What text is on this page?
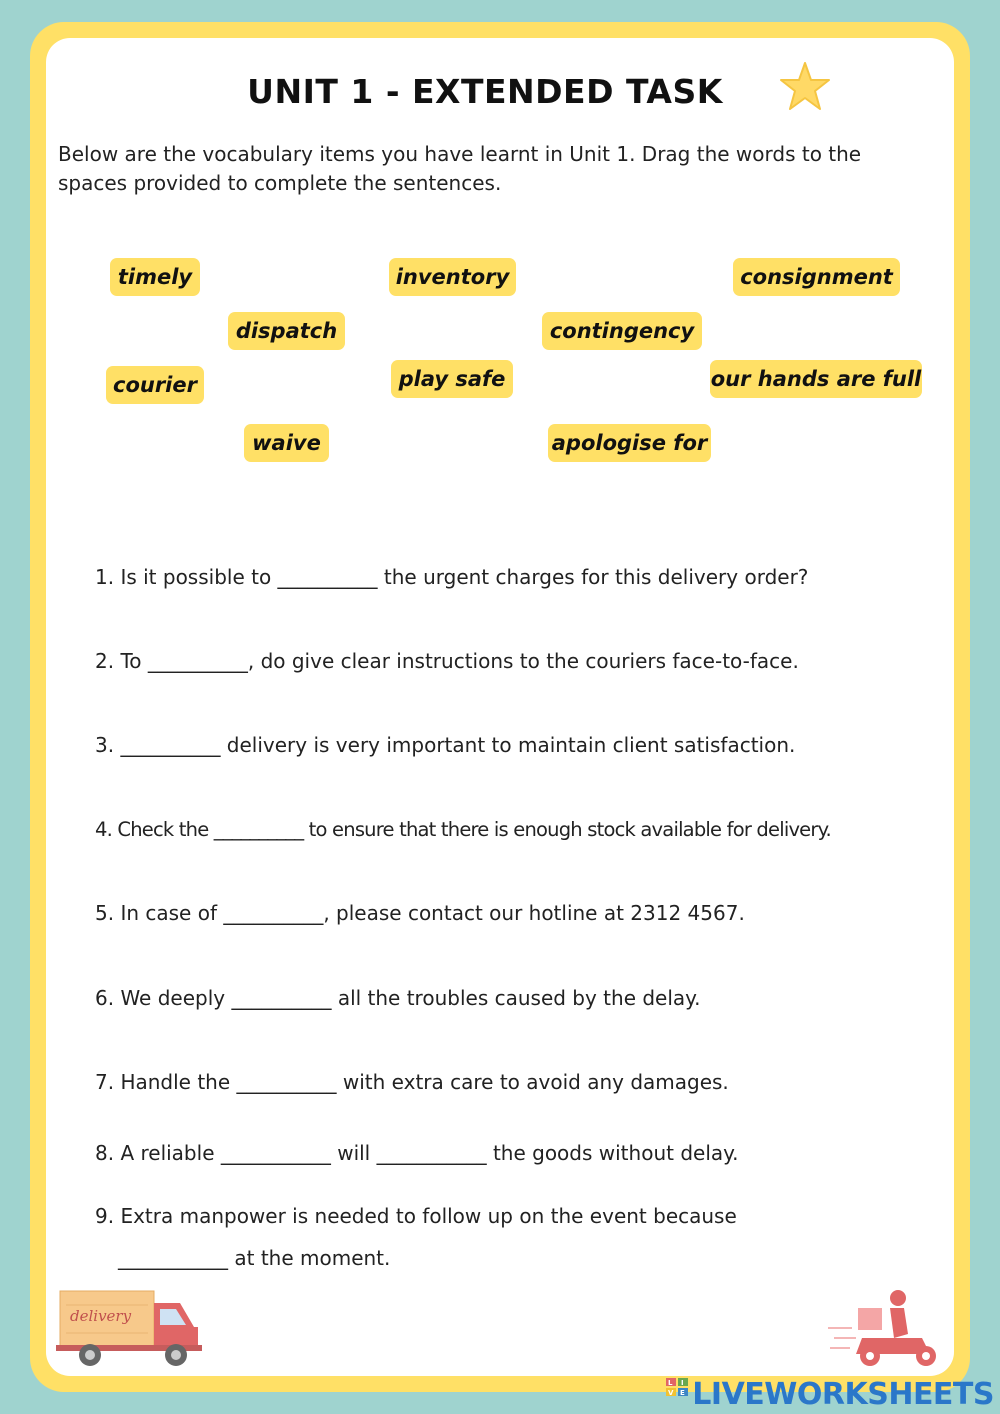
UNIT 1 - EXTENDED TASK
Below are the vocabulary items you have learnt in Unit 1. Drag the words to the spaces provided to complete the sentences.
timely	inventory	consignment
dispatch	contingency
courier	play safe	our hands are full
waive	apologise for
1. Is it possible to __________ the urgent charges for this delivery order?
2. To __________, do give clear instructions to the couriers face-to-face.
3. __________ delivery is very important to maintain client satisfaction.
4. Check the __________ to ensure that there is enough stock available for delivery.
5. In case of __________, please contact our hotline at 2312 4567.
6. We deeply __________ all the troubles caused by the delay.
7. Handle the __________ with extra care to avoid any damages.
8. A reliable ___________ will ___________ the goods without delay.
9. Extra manpower is needed to follow up on the event because
___________ at the moment.
delivery
L I
V E LIVEWORKSHEETS
